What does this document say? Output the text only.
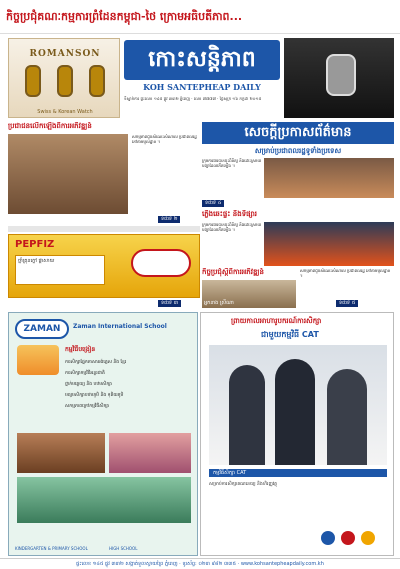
កិច្ចប្រជុំគណៈកម្មការព្រំដែនកម្ពុជា-ថៃ ក្រោមអធិបតីភាព...
ROMANSON
Swiss & Korean Watch
កោះសន្តិភាព
KOH SANTEPHEAP DAILY
ទីស្នាក់ការ ផ្ទះលេខ ១៤៥ ផ្លូវ ៣៣២ ភ្នំពេញ · លេខ ៧៧៧៧ · ថ្ងៃសុក្រ ១៦ កក្កដា ២០១៥
ប្រជាជនលើកឡើងពីការអភិវឌ្ឍន៍
សកម្មភាពជួបសំណេះសំណាល ប្រជាពលរដ្ឋ នៅតាមមូលដ្ឋាន ។
ទំព័រទី ២
PEPFIZ
ថ្នាំគ្រុនក្តៅ ផ្តាសាយ
ទំព័រទី ៣
សេចក្តីប្រកាសព័ត៌មាន
សម្រាប់ប្រជាពលរដ្ឋទូទាំងប្រទេស
ក្រុមការងារបានចុះពិនិត្យ និងដោះស្រាយ បញ្ហាដែលកើតឡើង ។
ទំព័រទី ៤
ភ្លើងឆេះផ្ទះ និងទីផ្សារ
ក្រុមការងារបានចុះពិនិត្យ និងដោះស្រាយ បញ្ហាដែលកើតឡើង ។
កិច្ចប្រជុំស្តីពីការអភិវឌ្ឍន៍
អ្នកនាង ស្រីណា
សកម្មភាពជួបសំណេះសំណាល ប្រជាពលរដ្ឋ នៅតាមមូលដ្ឋាន ។
ទំព័រទី ៥
ZAMAN	Zaman International School
កម្មវិធីបង្រៀន
ការសិក្សាផ្នែកភាសាអង់គ្លេស និង ខ្មែរ
ការសិក្សាកម្មវិធីអន្តរជាតិ
ថ្នាក់មត្តេយ្យ និង បឋមសិក្សា
មធ្យមសិក្សាបឋមភូមិ និង ទុតិយភូមិ
សកម្មភាពក្រៅកម្មវិធីសិក្សា
KINDERGARTEN & PRIMARY SCHOOL	HIGH SCHOOL
ព្រាយកាលអាហារូបករណ៍ការសិក្សា
ជាមួយកម្មវិធី CAT
កម្មវិធីសិក្សា CAT
សម្រាប់ការសិក្សាគណនេយ្យ និងហិរញ្ញវត្ថុ
ផ្ទះលេខ ១៤៥ ផ្លូវ ៣៣២ សង្កាត់ទួលស្វាយព្រៃ ភ្នំពេញ · ទូរស័ព្ទ: ០២៣ ៩៨២ ៣៣៥ · www.kohsantepheapdaily.com.kh
